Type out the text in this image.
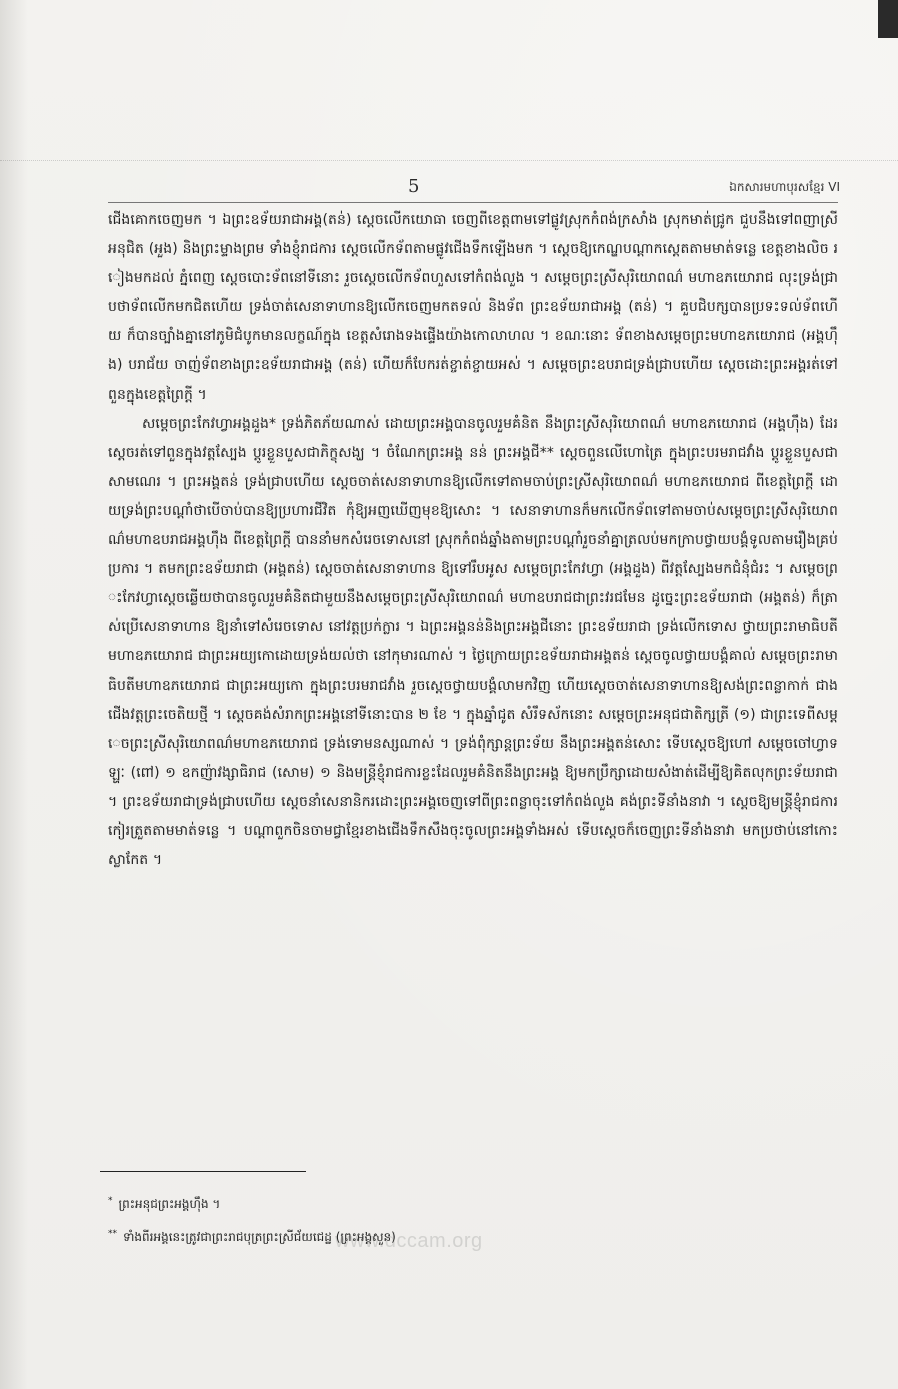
5	ឯកសារមហាបុរសខ្មែរ VI

ជើងគោកចេញមក ។ ឯព្រះឧទ័យរាជាអង្គ(តន់) ស្ដេចលើកយោធា ចេញពីខេត្តពាមទៅផ្លូវស្រុកកំពង់ក្រសាំង ស្រុកមាត់ជ្រូក ជួបនឹងទៅពញាស្រីអនុជិត (អួង) និងព្រះម្ទាងព្រម ទាំងខ្ញុំរាជការ ស្ដេចលើកទ័ពតាមផ្លូវជើងទឹកឡើងមក ។ ស្ដេចឱ្យកេណ្ឌបណ្ដាកស្ដេតតាមមាត់ទន្លេ ខេត្តខាងលិច រៀងមកដល់ ភ្នំពេញ ស្ដេចបោះទ័ពនៅទីនោះ រួចស្ដេចលើកទ័ពហួសទៅកំពង់លួង ។ សម្ដេចព្រះស្រីសុរិយោពណ៌ មហាឧភយោរាជ លុះទ្រង់ជ្រាបថាទ័ពលើកមកជិតហើយ ទ្រង់ចាត់សេនាទាហានឱ្យលើកចេញមកតទល់ និងទ័ព ព្រះឧទ័យរាជាអង្គ (តន់) ។ គួបជិបក្សបានប្រទះទល់ទ័ពហើយ ក៏បានច្បាំងគ្នានៅភូមិជំបូកមានលក្ខណ៍ក្នុង ខេត្តសំរោងទងផ្ទើងយ៉ាងកោលាហល ។ ខណៈនោះ ទ័ពខាងសម្ដេចព្រះមហាឧភយោរាជ (អង្គហ៊ឹង) បរាជ័យ ចាញ់ទ័ពខាងព្រះឧទ័យរាជាអង្គ (តន់) ហើយក៏បែករត់ខ្ចាត់ខ្ចាយអស់ ។ សម្ដេចព្រះឧបរាជទ្រង់ជ្រាបហើយ ស្ដេចដោះព្រះអង្គរត់ទៅពួនក្នុងខេត្តព្រៃក្ដី ។

សម្ដេចព្រះកែវហ្វាអង្គដួង* ទ្រង់ភិតភ័យណាស់ ដោយព្រះអង្គបានចូលរួមគំនិត នឹងព្រះស្រីសុរិយោពណ៌ មហាឧភយោរាជ (អង្គហ៊ឹង) ដែរ ស្ដេចរត់ទៅពួនក្នុងវត្តស្បែង ប្ដូរខ្លួនបួសជាភិក្ខុសង្ឃ ។ ចំណែកព្រះអង្គ នន់ ព្រះអង្គជី** ស្ដេចពួនលើហោត្រៃ ក្នុងព្រះបរមរាជវាំង ប្ដូរខ្លួនបួសជាសាមណេរ ។ ព្រះអង្គតន់ ទ្រង់ជ្រាបហើយ ស្ដេចចាត់សេនាទាហានឱ្យលើកទៅតាមចាប់ព្រះស្រីសុរិយោពណ៌ មហាឧភយោរាជ ពីខេត្តព្រៃក្ដី ដោយទ្រង់ព្រះបណ្ដាំថាបើចាប់បានឱ្យប្រហារជីវិត កុំឱ្យអញឃើញមុខឱ្យសោះ ។ សេនាទាហានក៏មកលើកទ័ពទៅតាមចាប់សម្ដេចព្រះស្រីសុរិយោពណ៌មហាឧបរាជអង្គហ៊ឹង ពីខេត្តព្រៃក្ដី បាននាំមកសំរេចទោសនៅ ស្រុកកំពង់ឆ្នាំងតាមព្រះបណ្ដាំរួចនាំគ្នាត្រលប់មកក្រាបថ្វាយបង្គំទូលតាមរឿងគ្រប់ប្រការ ។ តមកព្រះឧទ័យរាជា (អង្គតន់) ស្ដេចចាត់សេនាទាហាន ឱ្យទៅរឹបអូស សម្ដេចព្រះកែវហ្វា (អង្គដួង) ពីវត្តស្បែងមកជំនុំជំរះ ។ សម្ដេចព្រះកែវហ្វាស្ដេចឆ្លើយថាបានចូលរួមគំនិតជាមួយនឹងសម្ដេចព្រះស្រីសុរិយោពណ៌ មហាឧបរាជជាព្រះវរជមែន ដូច្នេះព្រះឧទ័យរាជា (អង្គតន់) ក៏ត្រាស់ប្រើសេនាទាហាន ឱ្យនាំទៅសំរេចទោស នៅវត្តប្រក់ក្លារ ។ ឯព្រះអង្គនន់និងព្រះអង្គជីនោះ ព្រះឧទ័យរាជា ទ្រង់លើកទោស ថ្វាយព្រះរាមាធិបតី មហាឧភយោរាជ ជាព្រះអយ្យកោដោយទ្រង់យល់ថា នៅកុមារណាស់ ។ ថ្ងៃក្រោយព្រះឧទ័យរាជាអង្គតន់ ស្ដេចចូលថ្វាយបង្គំគាល់ សម្ដេចព្រះរាមាធិបតីមហាឧភយោរាជ ជាព្រះអយ្យកោ ក្នុងព្រះបរមរាជវាំង រួចស្ដេចថ្វាយបង្គំលាមកវិញ ហើយស្ដេចចាត់សេនាទាហានឱ្យសង់ព្រះពន្លាកាក់ ជាងជើងវត្តព្រះចេតិយថ្មី ។ ស្ដេចគង់សំរាកព្រះអង្គនៅទីនោះបាន ២ ខែ ។ ក្នុងឆ្នាំជូត សំរឹទស័កនោះ សម្ដេចព្រះអនុជជាតិក្សត្រី (១) ជាព្រះទេពីសម្ដេចព្រះស្រីសុរិយោពណ៌មហាឧភយោរាជ ទ្រង់ទោមនស្សណាស់ ។ ទ្រង់ពុំក្សាន្តព្រះទ័យ នឹងព្រះអង្គតន់សោះ ទើបស្ដេចឱ្យហៅ សម្ដេចចៅហ្វាទឡ្ហៈ (ពៅ) ១ ឧកញ៉ាវង្សាធិរាជ (សោម) ១ និងមន្ត្រីខ្ញុំរាជការខ្លះដែលរួមគំនិតនឹងព្រះអង្គ ឱ្យមកប្រឹក្សាដោយសំងាត់ដើម្បីឱ្យគិតលុកព្រះទ័យរាជា ។ ព្រះឧទ័យរាជាទ្រង់ជ្រាបហើយ ស្ដេចនាំសេនានិករដោះព្រះអង្គចេញទៅពីព្រះពន្លាចុះទៅកំពង់លួង គង់ព្រះទីនាំងនាវា ។ ស្ដេចឱ្យមន្ត្រីខ្ញុំរាជការកៀរត្រួតតាមមាត់ទន្លេ ។ បណ្ដាពួកចិនចាមជ្វាខ្មែរខាងជើងទឹកសឹងចុះចូលព្រះអង្គទាំងអស់ ទើបស្ដេចក៏ចេញព្រះទីនាំងនាវា មកប្រថាប់នៅកោះស្លាកែត ។

* ព្រះអនុជព្រះអង្គហ៊ឹង ។
** ទាំងពីរអង្គនេះត្រូវជាព្រះរាជបុត្រព្រះស្រីជ័យជេដ្ឋ (ព្រះអង្គសួន)
www.dccam.org
